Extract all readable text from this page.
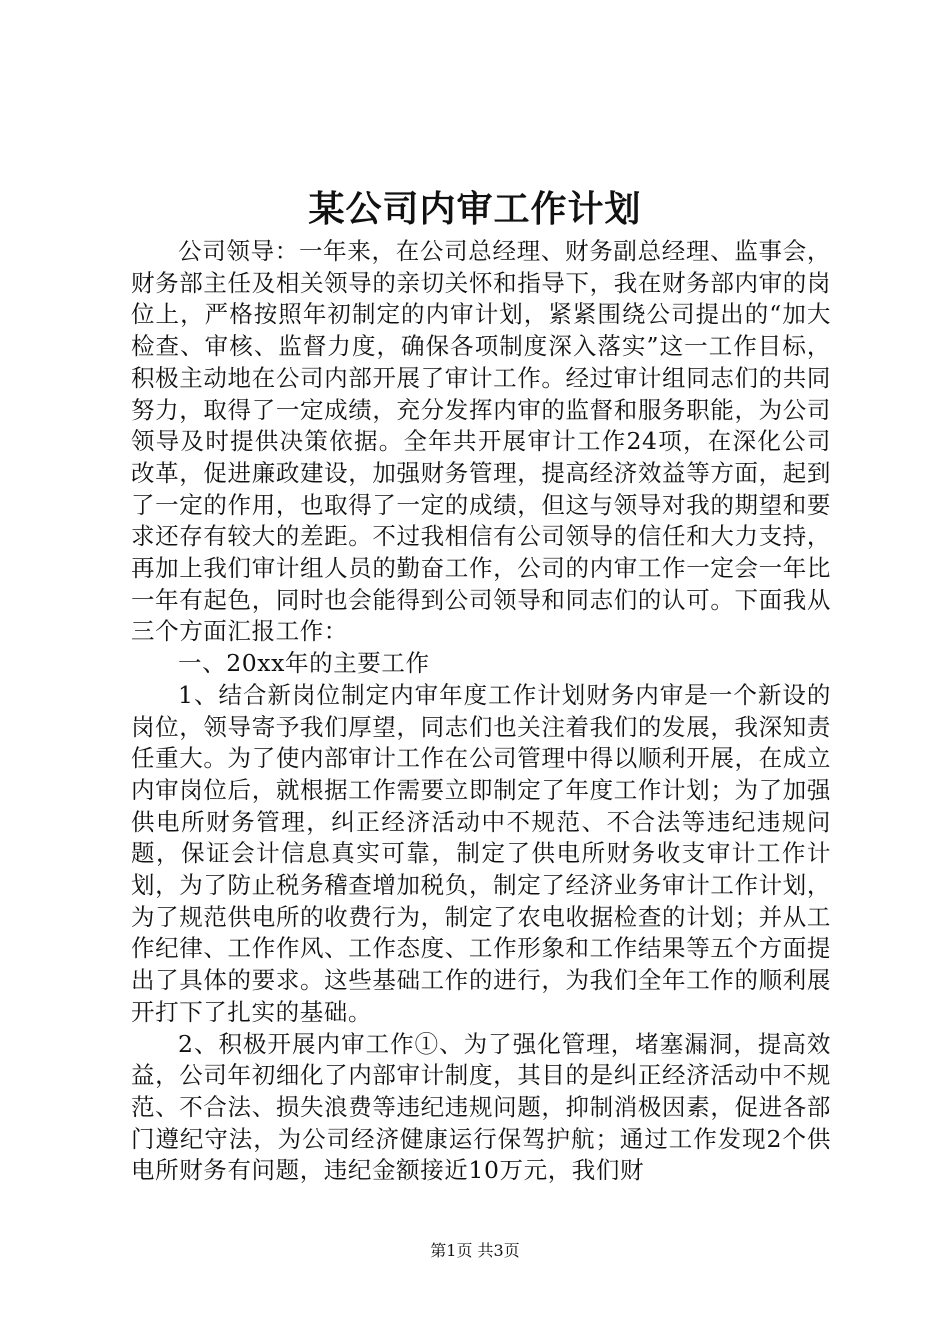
某公司内审工作计划

公司领导：一年来，在公司总经理、财务副总经理、监事会，财务部主任及相关领导的亲切关怀和指导下，我在财务部内审的岗位上，严格按照年初制定的内审计划，紧紧围绕公司提出的“加大检查、审核、监督力度，确保各项制度深入落实”这一工作目标，积极主动地在公司内部开展了审计工作。经过审计组同志们的共同努力，取得了一定成绩，充分发挥内审的监督和服务职能，为公司领导及时提供决策依据。全年共开展审计工作24项，在深化公司改革，促进廉政建设，加强财务管理，提高经济效益等方面，起到了一定的作用，也取得了一定的成绩，但这与领导对我的期望和要求还存有较大的差距。不过我相信有公司领导的信任和大力支持，再加上我们审计组人员的勤奋工作，公司的内审工作一定会一年比一年有起色，同时也会能得到公司领导和同志们的认可。下面我从三个方面汇报工作：

一、20xx年的主要工作

1、结合新岗位制定内审年度工作计划财务内审是一个新设的岗位，领导寄予我们厚望，同志们也关注着我们的发展，我深知责任重大。为了使内部审计工作在公司管理中得以顺利开展，在成立内审岗位后，就根据工作需要立即制定了年度工作计划；为了加强供电所财务管理，纠正经济活动中不规范、不合法等违纪违规问题，保证会计信息真实可靠，制定了供电所财务收支审计工作计划，为了防止税务稽查增加税负，制定了经济业务审计工作计划，为了规范供电所的收费行为，制定了农电收据检查的计划；并从工作纪律、工作作风、工作态度、工作形象和工作结果等五个方面提出了具体的要求。这些基础工作的进行，为我们全年工作的顺利展开打下了扎实的基础。

2、积极开展内审工作①、为了强化管理，堵塞漏洞，提高效益，公司年初细化了内部审计制度，其目的是纠正经济活动中不规范、不合法、损失浪费等违纪违规问题，抑制消极因素，促进各部门遵纪守法，为公司经济健康运行保驾护航；通过工作发现2个供电所财务有问题，违纪金额接近10万元，我们财

第1页 共3页
